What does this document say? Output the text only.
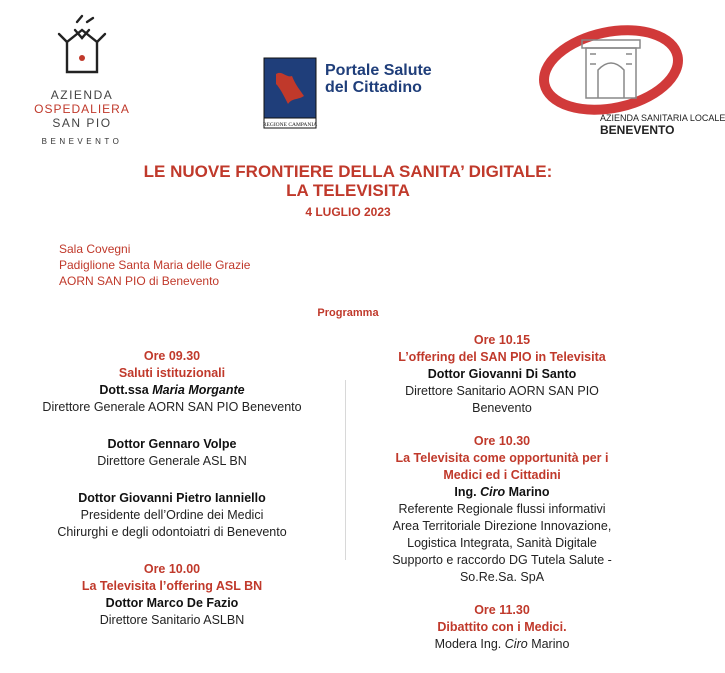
AZIENDA
OSPEDALIERA
SAN PIO
BENEVENTO
REGIONE CAMPANIA
Portale Salute
del Cittadino
AZIENDA SANITARIA LOCALE
BENEVENTO
LE NUOVE FRONTIERE DELLA SANITA’ DIGITALE:
LA TELEVISITA
4 LUGLIO 2023
Sala Covegni
Padiglione Santa Maria delle Grazie
AORN SAN PIO di Benevento
Programma
Ore 09.30
Saluti istituzionali
Dott.ssa Maria Morgante
Direttore Generale AORN SAN PIO Benevento
Dottor Gennaro Volpe
Direttore Generale ASL BN
Dottor Giovanni Pietro Ianniello
Presidente dell’Ordine dei Medici
Chirurghi e degli odontoiatri di Benevento
Ore 10.00
La Televisita l’offering ASL BN
Dottor Marco De Fazio
Direttore Sanitario ASLBN
Ore 10.15
L’offering del SAN PIO in Televisita
Dottor Giovanni Di Santo
Direttore Sanitario AORN SAN PIO
Benevento
Ore 10.30
La Televisita come opportunità per i
Medici ed i Cittadini
Ing. Ciro Marino
Referente Regionale flussi informativi
Area Territoriale Direzione Innovazione,
Logistica Integrata, Sanità Digitale
Supporto e raccordo DG Tutela Salute -
So.Re.Sa. SpA
Ore 11.30
Dibattito con i Medici.
Modera Ing. Ciro Marino
